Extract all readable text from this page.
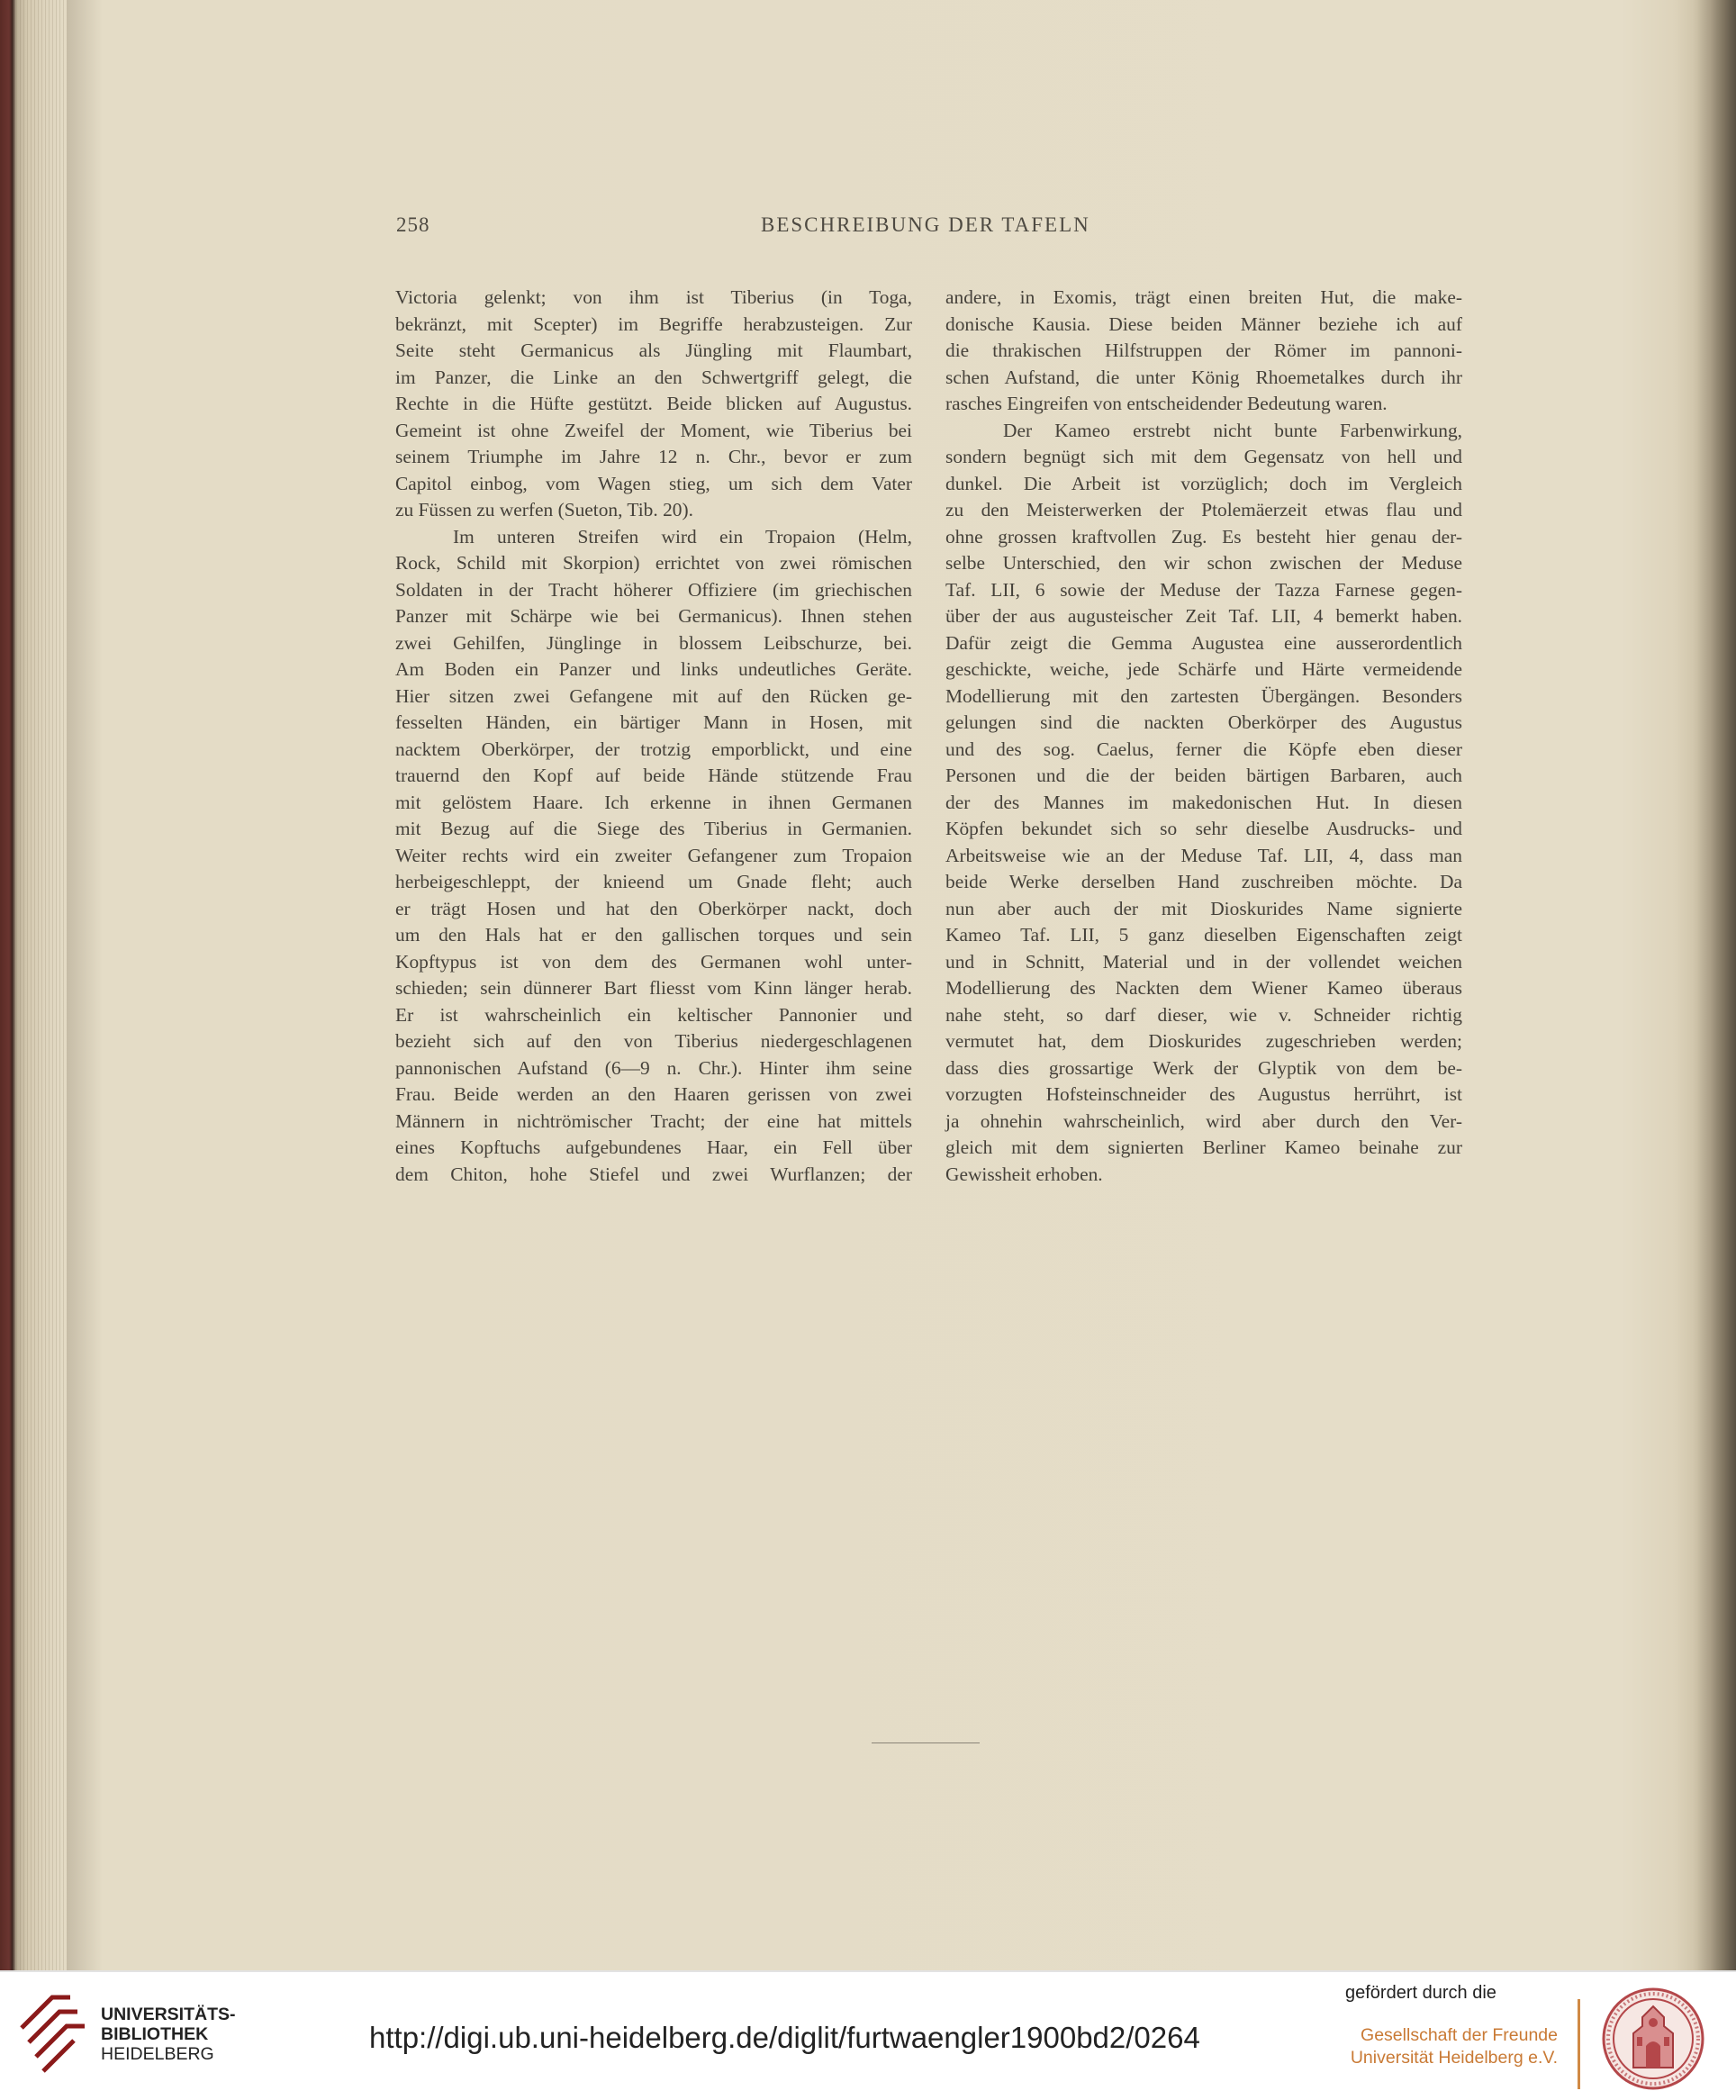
258	BESCHREIBUNG DER TAFELN
Victoria gelenkt; von ihm ist Tiberius (in Toga,
bekränzt, mit Scepter) im Begriffe herabzusteigen. Zur
Seite steht Germanicus als Jüngling mit Flaumbart,
im Panzer, die Linke an den Schwertgriff gelegt, die
Rechte in die Hüfte gestützt. Beide blicken auf Augustus.
Gemeint ist ohne Zweifel der Moment, wie Tiberius bei
seinem Triumphe im Jahre 12 n. Chr., bevor er zum
Capitol einbog, vom Wagen stieg, um sich dem Vater
zu Füssen zu werfen (Sueton, Tib. 20).
Im unteren Streifen wird ein Tropaion (Helm,
Rock, Schild mit Skorpion) errichtet von zwei römischen
Soldaten in der Tracht höherer Offiziere (im griechischen
Panzer mit Schärpe wie bei Germanicus). Ihnen stehen
zwei Gehilfen, Jünglinge in blossem Leibschurze, bei.
Am Boden ein Panzer und links undeutliches Geräte.
Hier sitzen zwei Gefangene mit auf den Rücken ge-
fesselten Händen, ein bärtiger Mann in Hosen, mit
nacktem Oberkörper, der trotzig emporblickt, und eine
trauernd den Kopf auf beide Hände stützende Frau
mit gelöstem Haare. Ich erkenne in ihnen Germanen
mit Bezug auf die Siege des Tiberius in Germanien.
Weiter rechts wird ein zweiter Gefangener zum Tropaion
herbeigeschleppt, der knieend um Gnade fleht; auch
er trägt Hosen und hat den Oberkörper nackt, doch
um den Hals hat er den gallischen torques und sein
Kopftypus ist von dem des Germanen wohl unter-
schieden; sein dünnerer Bart fliesst vom Kinn länger herab.
Er ist wahrscheinlich ein keltischer Pannonier und
bezieht sich auf den von Tiberius niedergeschlagenen
pannonischen Aufstand (6—9 n. Chr.). Hinter ihm seine
Frau. Beide werden an den Haaren gerissen von zwei
Männern in nichtrömischer Tracht; der eine hat mittels
eines Kopftuchs aufgebundenes Haar, ein Fell über
dem Chiton, hohe Stiefel und zwei Wurflanzen; der
andere, in Exomis, trägt einen breiten Hut, die make-
donische Kausia. Diese beiden Männer beziehe ich auf
die thrakischen Hilfstruppen der Römer im pannoni-
schen Aufstand, die unter König Rhoemetalkes durch ihr
rasches Eingreifen von entscheidender Bedeutung waren.
Der Kameo erstrebt nicht bunte Farbenwirkung,
sondern begnügt sich mit dem Gegensatz von hell und
dunkel. Die Arbeit ist vorzüglich; doch im Vergleich
zu den Meisterwerken der Ptolemäerzeit etwas flau und
ohne grossen kraftvollen Zug. Es besteht hier genau der-
selbe Unterschied, den wir schon zwischen der Meduse
Taf. LII, 6 sowie der Meduse der Tazza Farnese gegen-
über der aus augusteischer Zeit Taf. LII, 4 bemerkt haben.
Dafür zeigt die Gemma Augustea eine ausserordentlich
geschickte, weiche, jede Schärfe und Härte vermeidende
Modellierung mit den zartesten Übergängen. Besonders
gelungen sind die nackten Oberkörper des Augustus
und des sog. Caelus, ferner die Köpfe eben dieser
Personen und die der beiden bärtigen Barbaren, auch
der des Mannes im makedonischen Hut. In diesen
Köpfen bekundet sich so sehr dieselbe Ausdrucks- und
Arbeitsweise wie an der Meduse Taf. LII, 4, dass man
beide Werke derselben Hand zuschreiben möchte. Da
nun aber auch der mit Dioskurides Name signierte
Kameo Taf. LII, 5 ganz dieselben Eigenschaften zeigt
und in Schnitt, Material und in der vollendet weichen
Modellierung des Nackten dem Wiener Kameo überaus
nahe steht, so darf dieser, wie v. Schneider richtig
vermutet hat, dem Dioskurides zugeschrieben werden;
dass dies grossartige Werk der Glyptik von dem be-
vorzugten Hofsteinschneider des Augustus herrührt, ist
ja ohnehin wahrscheinlich, wird aber durch den Ver-
gleich mit dem signierten Berliner Kameo beinahe zur
Gewissheit erhoben.
UNIVERSITÄTS-
BIBLIOTHEK
HEIDELBERG	http://digi.ub.uni-heidelberg.de/diglit/furtwaengler1900bd2/0264
gefördert durch die
Gesellschaft der Freunde
Universität Heidelberg e.V.
